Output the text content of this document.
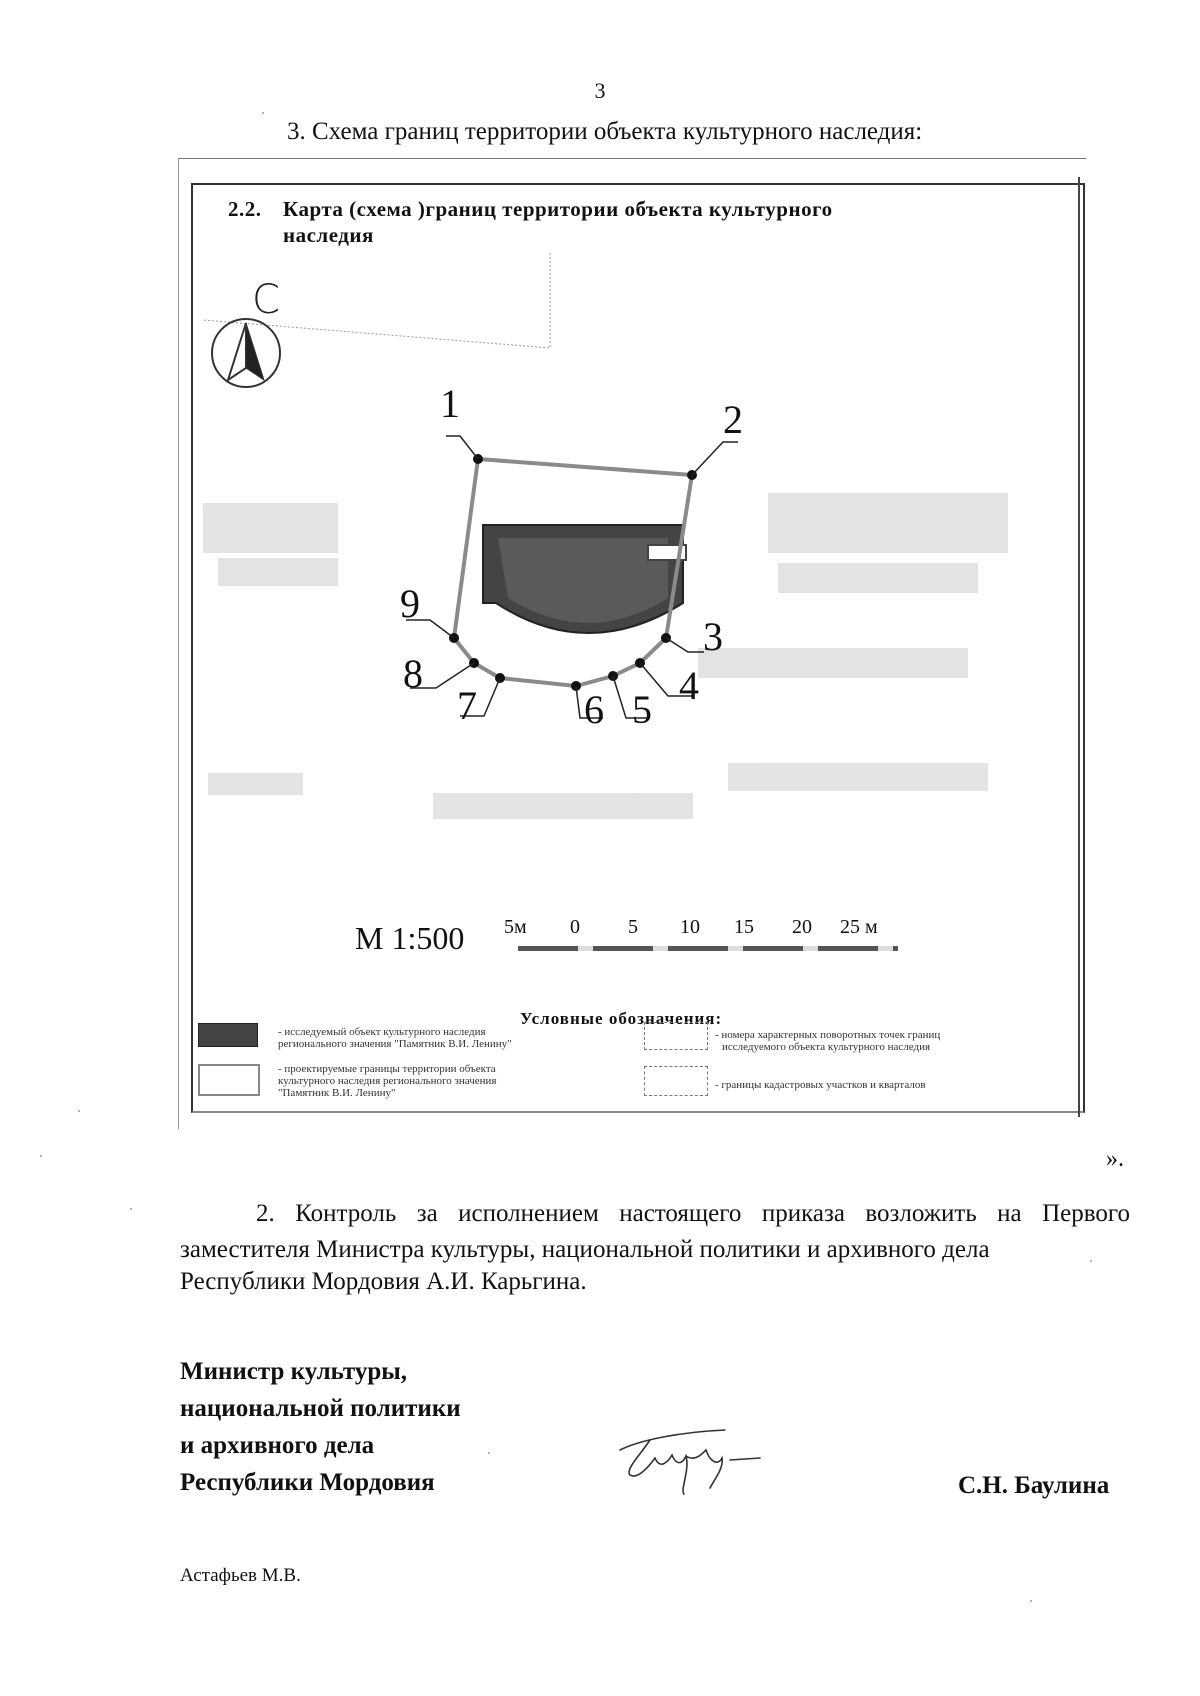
3
3. Схема границ территории объекта культурного наследия:
2.2. Карта (схема )границ территории объекта культурного
наследия
С
1	2
3
4
5
6
7
8
9
М 1:500 5м 0 5 10 15 20 25 м
Условные обозначения:
- исследуемый объект культурного наследия
регионального значения "Памятник В.И. Ленину"
- проектируемые границы территории объекта
культурного наследия регионального значения
"Памятник В.И. Ленину"
- номера характерных поворотных точек границ
исследуемого объекта культурного наследия
- границы кадастровых участков и кварталов
».
2. Контроль за исполнением настоящего приказа возложить на Первого заместителя Министра культуры, национальной политики и архивного дела
Республики Мордовия А.И. Карьгина.
Министр культуры,
национальной политики
и архивного дела
Республики Мордовия	С.Н. Баулина
Астафьев М.В.
